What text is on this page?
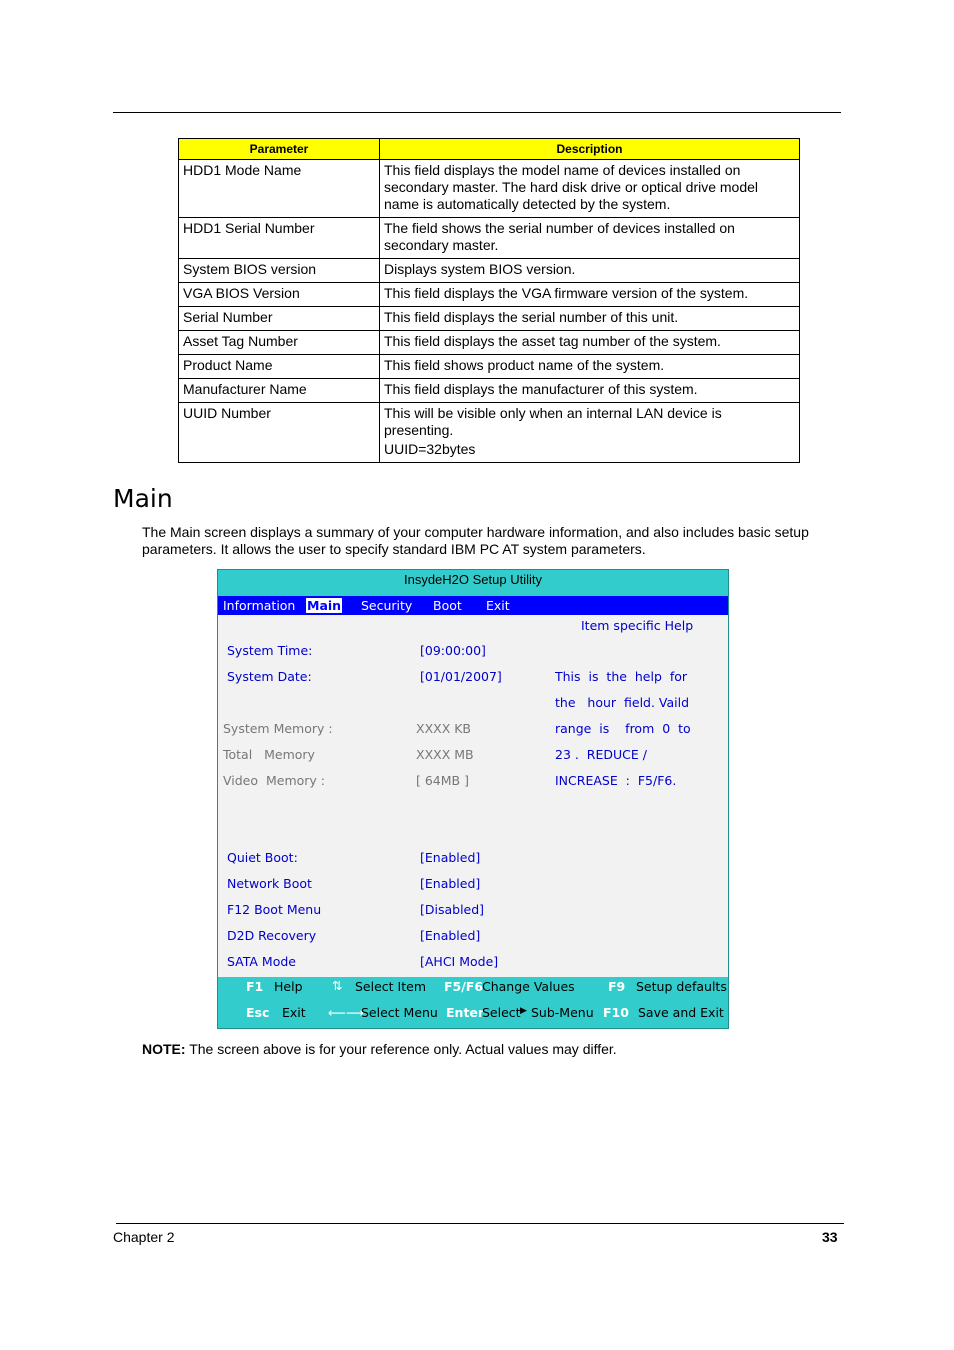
Parameter	Description
HDD1 Mode Name	This field displays the model name of devices installed on
secondary master. The hard disk drive or optical drive model
name is automatically detected by the system.

HDD1 Serial Number	The field shows the serial number of devices installed on
secondary master.

System BIOS version	Displays system BIOS version.

VGA BIOS Version	This field displays the VGA firmware version of the system.

Serial Number	This field displays the serial number of this unit.

Asset Tag Number	This field displays the asset tag number of the system.

Product Name	This field shows product name of the system.

Manufacturer Name	This field displays the manufacturer of this system.

UUID Number	This will be visible only when an internal LAN device is
presenting.
UUID=32bytes
Main

The Main screen displays a summary of your computer hardware information, and also includes basic setup parameters. It allows the user to specify standard IBM PC AT system parameters.

InsydeH2O Setup Utility
Information Main Security Boot Exit
Item specific Help
System Time:	[09:00:00]
System Date:	[01/01/2007]
System Memory :	XXXX KB
Total   Memory	XXXX MB
Video  Memory :	[ 64MB ]
This  is  the  help  for
the   hour  field. Vaild
range  is    from  0  to
23 .  REDUCE /
INCREASE  :  F5/F6.
Quiet Boot:	[Enabled]
Network Boot	[Enabled]
F12 Boot Menu	[Disabled]
D2D Recovery	[Enabled]
SATA Mode	[AHCI Mode]
F1 Help ⇅ Select Item F5/F6
Change Values	F9 Setup defaults
Esc Exit ⟵⟶
Select Menu Enter
Select ▶ Sub-Menu F10 Save and Exit

NOTE: The screen above is for your reference only. Actual values may differ.

Chapter 2	33
